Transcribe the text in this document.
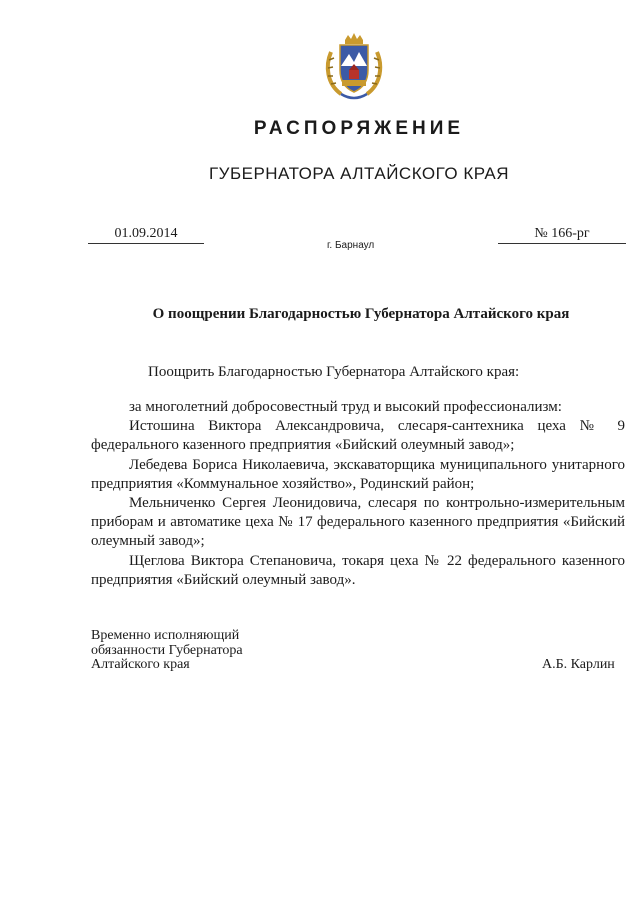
РАСПОРЯЖЕНИЕ
ГУБЕРНАТОРА АЛТАЙСКОГО КРАЯ
01.09.2014
г. Барнаул
№ 166-рг
О поощрении Благодарностью Губернатора Алтайского края
Поощрить Благодарностью Губернатора Алтайского края:

за многолетний добросовестный труд и высокий профессионализм:

Истошина Виктора Александровича, слесаря-сантехника цеха № 9 федерального казенного предприятия «Бийский олеумный завод»;

Лебедева Бориса Николаевича, экскаваторщика муниципального унитарного предприятия «Коммунальное хозяйство», Родинский район;

Мельниченко Сергея Леонидовича, слесаря по контрольно-измерительным приборам и автоматике цеха № 17 федерального казенного предприятия «Бийский олеумный завод»;

Щеглова Виктора Степановича, токаря цеха № 22 федерального казенного предприятия «Бийский олеумный завод».

Временно исполняющий
обязанности Губернатора
Алтайского края	А.Б. Карлин
